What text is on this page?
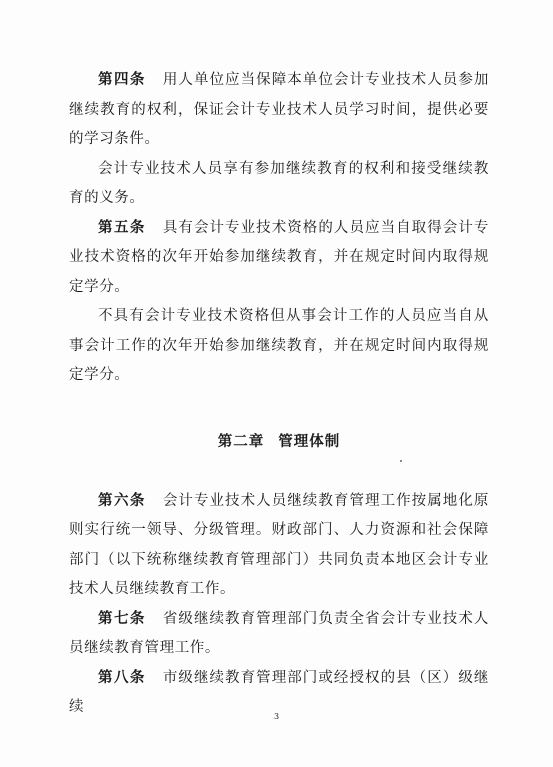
第四条 用人单位应当保障本单位会计专业技术人员参加继续教育的权利，保证会计专业技术人员学习时间，提供必要的学习条件。

会计专业技术人员享有参加继续教育的权利和接受继续教育的义务。

第五条 具有会计专业技术资格的人员应当自取得会计专业技术资格的次年开始参加继续教育，并在规定时间内取得规定学分。

不具有会计专业技术资格但从事会计工作的人员应当自从事会计工作的次年开始参加继续教育，并在规定时间内取得规定学分。

第二章 管理体制

第六条 会计专业技术人员继续教育管理工作按属地化原则实行统一领导、分级管理。财政部门、人力资源和社会保障部门（以下统称继续教育管理部门）共同负责本地区会计专业技术人员继续教育工作。

第七条 省级继续教育管理部门负责全省会计专业技术人员继续教育管理工作。

第八条 市级继续教育管理部门或经授权的县（区）级继续

3
